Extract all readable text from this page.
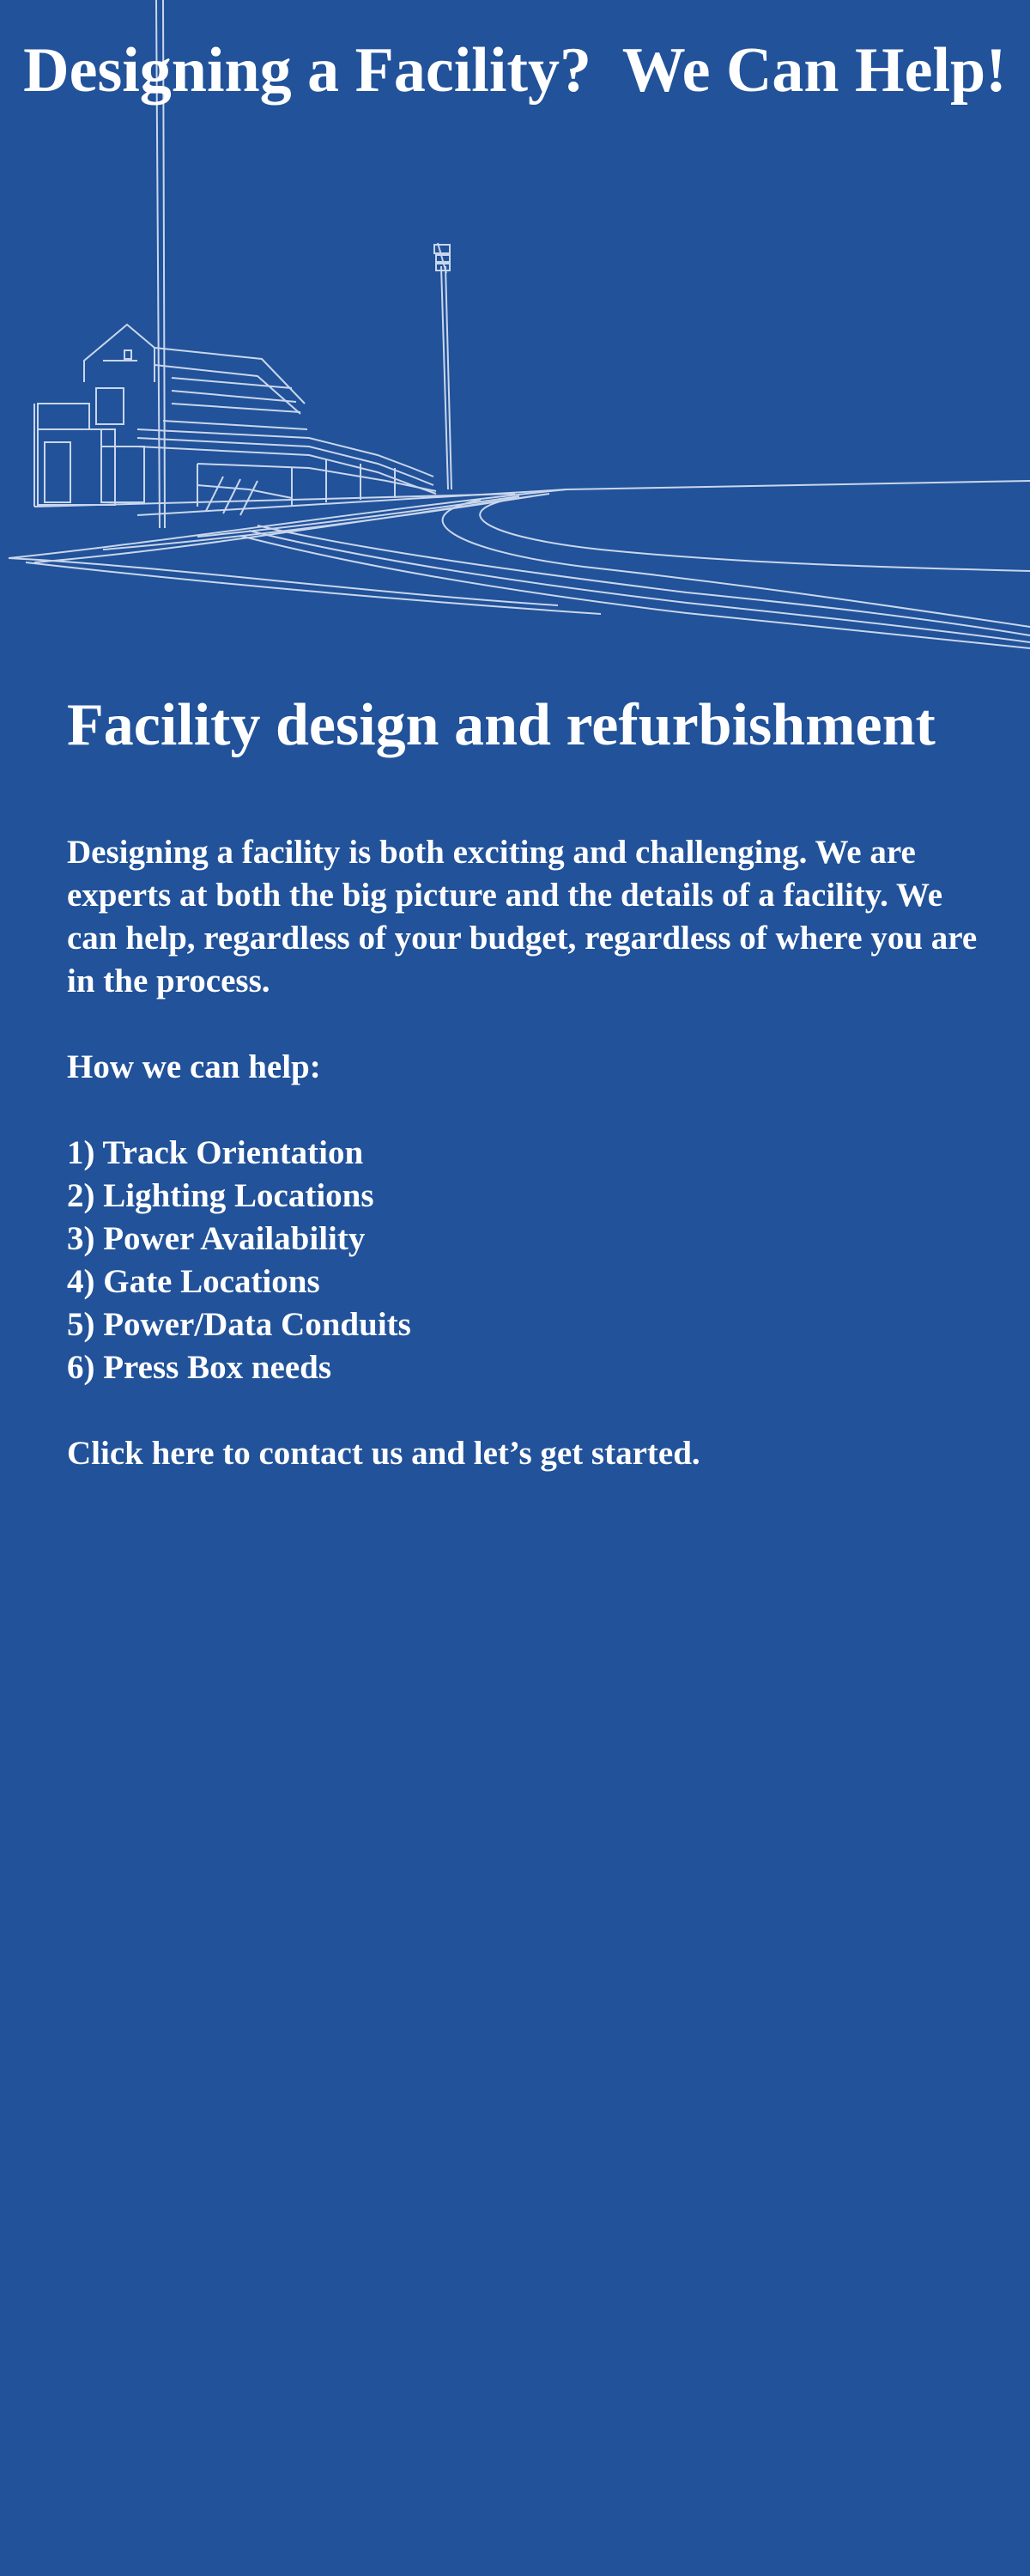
Designing a Facility?  We Can Help!
Facility design and refurbishment

Designing a facility is both exciting and challenging. We are experts at both the big picture and the details of a facility. We can help, regardless of your budget, regardless of where you are in the process.

How we can help:

1) Track Orientation
2) Lighting Locations
3) Power Availability
4) Gate Locations
5) Power/Data Conduits
6) Press Box needs
Click here to contact us and let’s get started.
